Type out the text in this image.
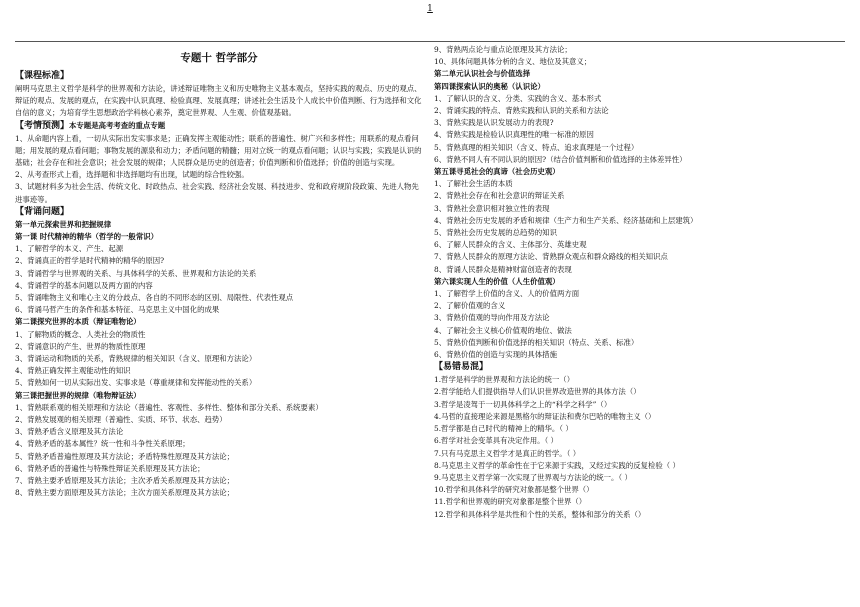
1
专题十 哲学部分
【课程标准】
阐明马克思主义哲学是科学的世界观和方法论，讲述辩证唯物主义和历史唯物主义基本观点，坚持实践的观点、历史的观点、辩证的观点、发展的观点，在实践中认识真理、检验真理、发展真理；讲述社会生活及个人成长中价值判断、行为选择和文化自信的意义；为培育学生思想政治学科核心素养，奠定世界观、人生观、价值观基础。
【考情预测】本专题是高考考查的重点专题
1、从命题内容上看，一切从实际出发实事求是；正确发挥主观能动性；联系的普遍性、树广兴和多样性；用联系的观点看问题；用发展的观点看问题；事物发展的源泉和动力；矛盾问题的精髓；用对立统一的观点看问题；认识与实践；实践是认识的基础；社会存在和社会意识；社会发展的规律；人民群众是历史的创造者；价值判断和价值选择；价值的创造与实现。
2、从考查形式上看，选择题和非选择题均有出现，试题的综合性较强。
3、试题材料多为社会生活、传统文化、时政热点、社会实践、经济社会发展、科技进步、党和政府规阶段政策、先进人物先进事迹等。
【背诵问题】
第一单元探索世界和把握规律
第一课 时代精神的精华（哲学的一般常识）
1、了解哲学的本义、产生、起源
2、背诵真正的哲学是时代精神的精华的原因?
3、背诵哲学与世界观的关系、与具体科学的关系、世界观和方法论的关系
4、背诵哲学的基本问题以及两方面的内容
5、背诵唯物主义和唯心主义的分歧点、各自的不同形态的区别、局限性、代表性观点
6、背诵马哲产生的条件和基本特征、马克思主义中国化的成果
第二课探究世界的本质（辩证唯物论）
1、了解物质的概念、人类社会的物质性
2、背诵意识的产生、世界的物质性原理
3、背诵运动和物质的关系，背熟规律的相关知识（含义、原理和方法论）
4、背熟正确发挥主观能动性的知识
5、背熟如何一切从实际出发、实事求是（尊重规律和发挥能动性的关系）
第三课把握世界的规律（唯物辩证法）
1、背熟联系观的相关原理和方法论（普遍性、客观性、多样性、整体和部分关系、系统要素）
2、背熟发展观的相关原理（普遍性、实质、环节、状态、趋势）
3、背熟矛盾含义原理及其方法论
4、背熟矛盾的基本属性？统一性和斗争性关系原理；
5、背熟矛盾普遍性原理及其方法论；矛盾特殊性原理及其方法论；
6、背熟矛盾的普遍性与特殊性辩证关系原理及其方法论；
7、背熟主要矛盾原理及其方法论；主次矛盾关系原理及其方法论；
8、背熟主要方面原理及其方法论；主次方面关系原理及其方法论；
9、背熟两点论与重点论原理及其方法论；
10、具体问题具体分析的含义、地位及其意义；
第二单元认识社会与价值选择
第四课探索认识的奥秘（认识论）
1、了解认识的含义、分类、实践的含义、基本形式
2、背诵实践的特点、背熟实践和认识的关系和方法论
3、背熟实践是认识发展动力的表现?
4、背熟实践是检验认识真理性的唯一标准的原因
5、背熟真理的相关知识（含义、特点、追求真理是一个过程）
6、背熟不同人有不同认识的原因?（结合价值判断和价值选择的主体差异性）
第五课寻觅社会的真谛（社会历史观）
1、了解社会生活的本质
2、背熟社会存在和社会意识的辩证关系
3、背熟社会意识相对独立性的表现
4、背熟社会历史发展的矛盾和规律（生产力和生产关系、经济基础和上层建筑）
5、背熟社会历史发展的总趋势的知识
6、了解人民群众的含义、主体部分、英雄史观
7、背熟人民群众的原理方法论、背熟群众观点和群众路线的相关知识点
8、背诵人民群众是精神财富创造者的表现
第六课实现人生的价值（人生价值观）
1、了解哲学上价值的含义、人的价值两方面
2、了解价值观的含义
3、背熟价值观的导向作用及方法论
4、了解社会主义核心价值观的地位、做法
5、背熟价值判断和价值选择的相关知识（特点、关系、标准）
6、背熟价值的创造与实现的具体措施
【易错易混】
1.哲学是科学的世界观和方法论的统一（）
2.哲学能给人们提供指导人们认识世界改造世界的具体方法（）
3.哲学是凌驾于一切具体科学之上的“科学之科学”（）
4.马哲的直接理论来源是黑格尔的辩证法和费尔巴哈的唯物主义（）
5.哲学都是自己时代的精神上的精华。（ ）
6.哲学对社会变革具有决定作用。（ ）
7.只有马克思主义哲学才是真正的哲学。（ ）
8.马克思主义哲学的革命性在于它来源于实践，又经过实践的反复检验（ ）
9.马克思主义哲学第一次实现了世界观与方法论的统一。（ ）
10.哲学和具体科学的研究对象都是整个世界（）
11.哲学和世界观的研究对象都是整个世界（）
12.哲学和具体科学是共性和个性的关系，整体和部分的关系（）
